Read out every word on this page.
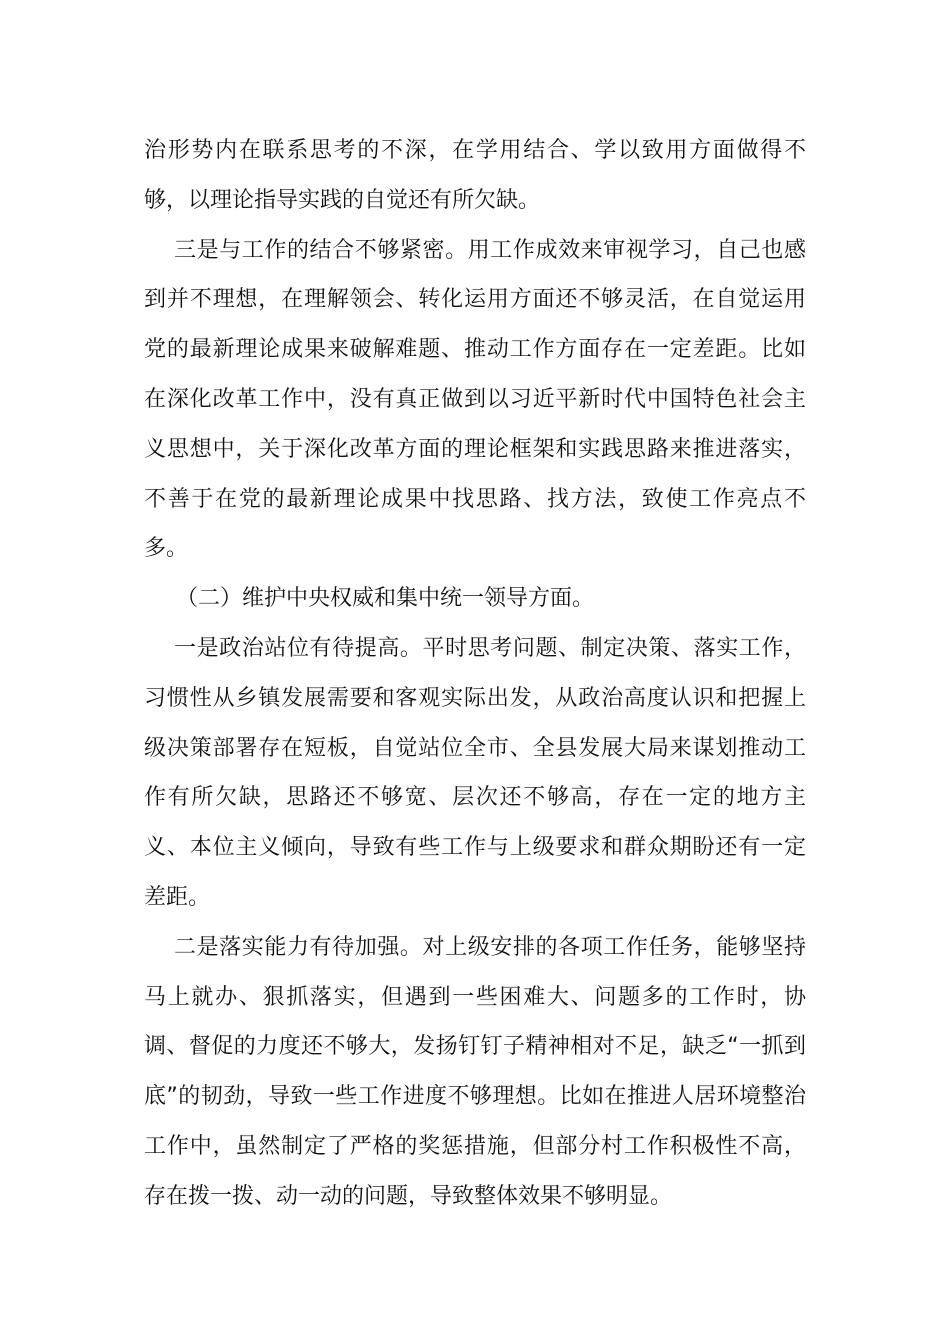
治形势内在联系思考的不深，在学用结合、学以致用方面做得不
够，以理论指导实践的自觉还有所欠缺。
三是与工作的结合不够紧密。用工作成效来审视学习，自己也感
到并不理想，在理解领会、转化运用方面还不够灵活，在自觉运用
党的最新理论成果来破解难题、推动工作方面存在一定差距。比如
在深化改革工作中，没有真正做到以习近平新时代中国特色社会主
义思想中，关于深化改革方面的理论框架和实践思路来推进落实，
不善于在党的最新理论成果中找思路、找方法，致使工作亮点不
多。
（二）维护中央权威和集中统一领导方面。
一是政治站位有待提高。平时思考问题、制定决策、落实工作，
习惯性从乡镇发展需要和客观实际出发，从政治高度认识和把握上
级决策部署存在短板，自觉站位全市、全县发展大局来谋划推动工
作有所欠缺，思路还不够宽、层次还不够高，存在一定的地方主
义、本位主义倾向，导致有些工作与上级要求和群众期盼还有一定
差距。
二是落实能力有待加强。对上级安排的各项工作任务，能够坚持
马上就办、狠抓落实，但遇到一些困难大、问题多的工作时，协
调、督促的力度还不够大，发扬钉钉子精神相对不足，缺乏“一抓到
底”的韧劲，导致一些工作进度不够理想。比如在推进人居环境整治
工作中，虽然制定了严格的奖惩措施，但部分村工作积极性不高，
存在拨一拨、动一动的问题，导致整体效果不够明显。
